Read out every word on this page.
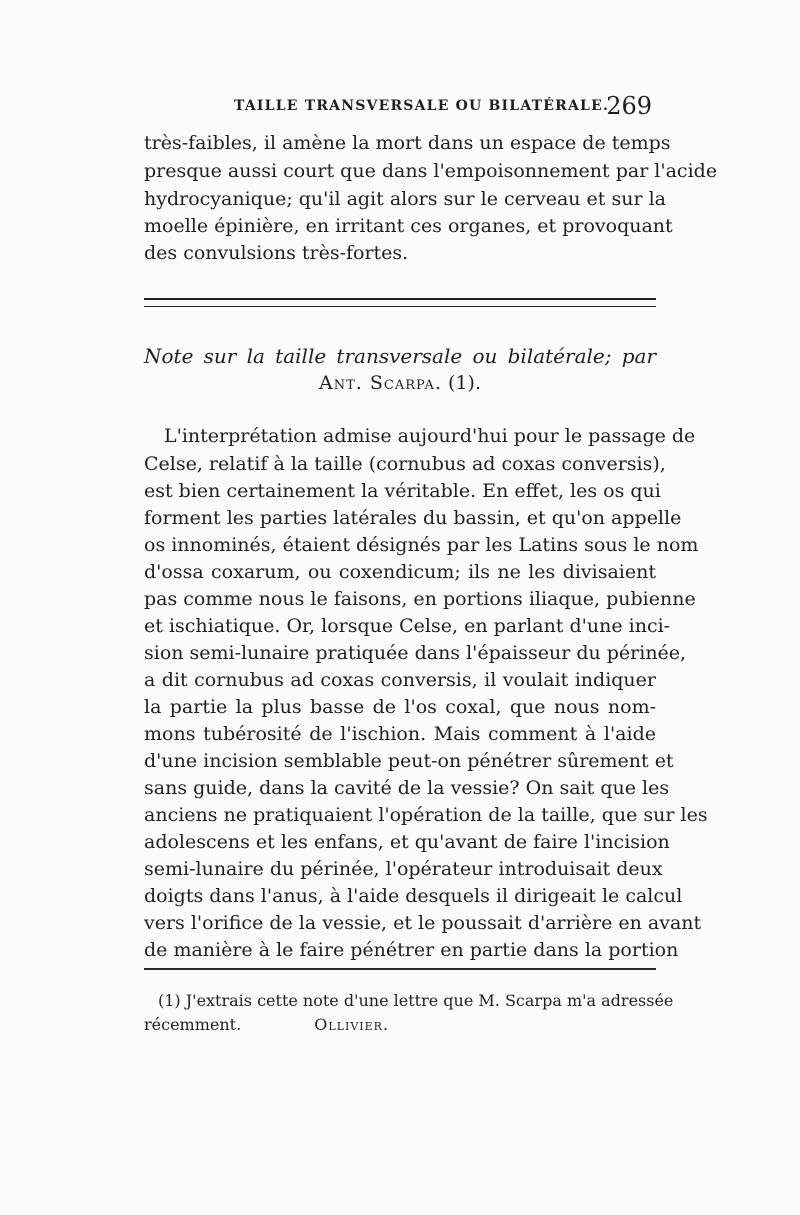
TAILLE TRANSVERSALE OU BILATÉRALE.
269
très-faibles, il amène la mort dans un espace de temps
presque aussi court que dans l'empoisonnement par l'acide
hydrocyanique; qu'il agit alors sur le cerveau et sur la
moelle épinière, en irritant ces organes, et provoquant
des convulsions très-fortes.
Note sur la taille transversale ou bilatérale; par
Ant. Scarpa. (1).
L'interprétation admise aujourd'hui pour le passage de
Celse, relatif à la taille (cornubus ad coxas conversis),
est bien certainement la véritable. En effet, les os qui
forment les parties latérales du bassin, et qu'on appelle
os innominés, étaient désignés par les Latins sous le nom
d'ossa coxarum, ou coxendicum; ils ne les divisaient
pas comme nous le faisons, en portions iliaque, pubienne
et ischiatique. Or, lorsque Celse, en parlant d'une inci-
sion semi-lunaire pratiquée dans l'épaisseur du périnée,
a dit cornubus ad coxas conversis, il voulait indiquer
la partie la plus basse de l'os coxal, que nous nom-
mons tubérosité de l'ischion. Mais comment à l'aide
d'une incision semblable peut-on pénétrer sûrement et
sans guide, dans la cavité de la vessie? On sait que les
anciens ne pratiquaient l'opération de la taille, que sur les
adolescens et les enfans, et qu'avant de faire l'incision
semi-lunaire du périnée, l'opérateur introduisait deux
doigts dans l'anus, à l'aide desquels il dirigeait le calcul
vers l'orifice de la vessie, et le poussait d'arrière en avant
de manière à le faire pénétrer en partie dans la portion
(1) J'extrais cette note d'une lettre que M. Scarpa m'a adressée
récemment.	Ollivier.
